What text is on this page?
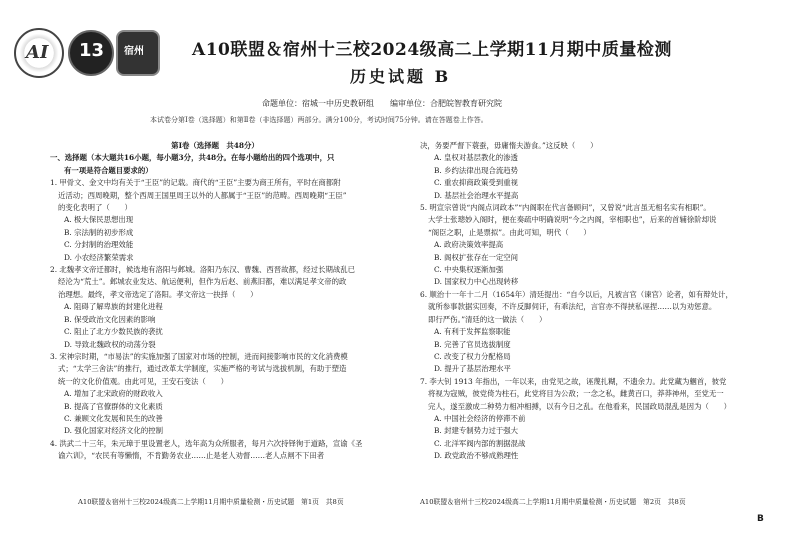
AI 13 宿州	A10联盟＆宿州十三校2024级高二上学期11月期中质量检测
历史试题 B
命题单位：宿城一中历史教研组　　编审单位：合肥皖智教育研究院
本试卷分第Ⅰ卷（选择题）和第Ⅱ卷（非选择题）两部分。满分100分，考试时间75分钟。请在答题卷上作答。
第Ⅰ卷（选择题　共48分）
一、选择题（本大题共16小题，每小题3分，共48分。在每小题给出的四个选项中，只
有一项是符合题目要求的）
1. 甲骨文、金文中均有关于“王臣”的记载。商代的“王臣”主要为商王所有，平时在商都附
近活动；西周晚期，整个西周王国里周王以外的人都属于“王臣”的范畴。西周晚期“王臣”
的变化表明了（　　）
A. 极大保民思想出现
B. 宗法制的初步形成
C. 分封制的治理效能
D. 小农经济繁荣需求
2. 北魏孝文帝迁都时，候选地有洛阳与邺城。洛阳乃东汉、曹魏、西晋故都，经过长期战乱已
经沦为“荒土”。邺城农业发达、航运便利，但作为后赵、前燕旧都，难以满足孝文帝的政
治理想。最终，孝文帝选定了洛阳。孝文帝这一抉择（　　）
A. 阻碍了解卑族的封建化进程
B. 保受政治文化因素的影响
C. 阻止了北方少数民族的袭扰
D. 导致北魏政权的动荡分裂
3. 宋神宗时期，“市易法”的实施加强了国家对市场的控制，进而间接影响市民的文化消费模
式；“太学三舍法”的推行，通过改革太学制度，实施严格的考试与选拔机制，有助于塑造
统一的文化价值观。由此可见，王安石变法（　　）
A. 增加了北宋政府的财政收入
B. 提高了官僚群体的文化素质
C. 兼顾文化发展和民生的改善
D. 强化国家对经济文化的控制
4. 洪武二十三年，朱元璋于里设置老人，选年高为众所服者，每月六次持铎徇于道路，宣谕《圣
谕六训》，“农民有等懒惰，不肯勤务农业……止是老人劝督……老人点闸不下田者
决，务要严督下蓑蚕，毋庸惰夫游食。”这反映（　　）
A. 皇权对基层教化的渗透
B. 乡约法律出现合流趋势
C. 重农抑商政策受到重视
D. 基层社会治理水平提高
5. 明宣宗曾说“内阁点词政本”“内阁职在代言备顾问”，又曾说“此言虽无相名实有相职”。
大学士张璁妙入阁时，便在奏疏中明确说明“今之内阁，宰相职也”，后来的首辅徐阶却说
“阁臣之职，止是票拟”。由此可知，明代（　　）
A. 政府决策效率提高
B. 阁权扩张存在一定空间
C. 中央集权逐渐加强
D. 国家权力中心出现转移
6. 顺治十一年十二月（1654年）清廷提出：“自今以后，凡被言官（谏官）论者，如有辩处计，
就所参事款据实回奏，不许反脚伺讦，有乖法纪，言官亦不得挟私诬捏……以为劝惩意。
即行严伤。”清廷的这一做法（　　）
A. 有利于发挥监察职能
B. 完善了官员选拔制度
C. 改变了权力分配格局
D. 提升了基层治理水平
7. 李大钊 1913 年指出，一年以来，由党见之故，诬蔑扎糊，不遗余力。此党藏为魍首，彼党
将视为寇贼，彼党倚为柱石，此党将目为公敌；一念之私，雌黄百口，莽莽神州，至党无一
完人，遂至激成二种势力相冲相搏，以有今日之乱。在他看来，民国政局混乱是因为（　　）
A. 中国社会经济的停滞不前
B. 封建专制势力过于强大
C. 北洋军阀内部的割据混战
D. 政党政治不够成熟理性
A10联盟＆宿州十三校2024级高二上学期11月期中质量检测・历史试题　第1页　共8页	A10联盟＆宿州十三校2024级高二上学期11月期中质量检测・历史试题　第2页　共8页
B
